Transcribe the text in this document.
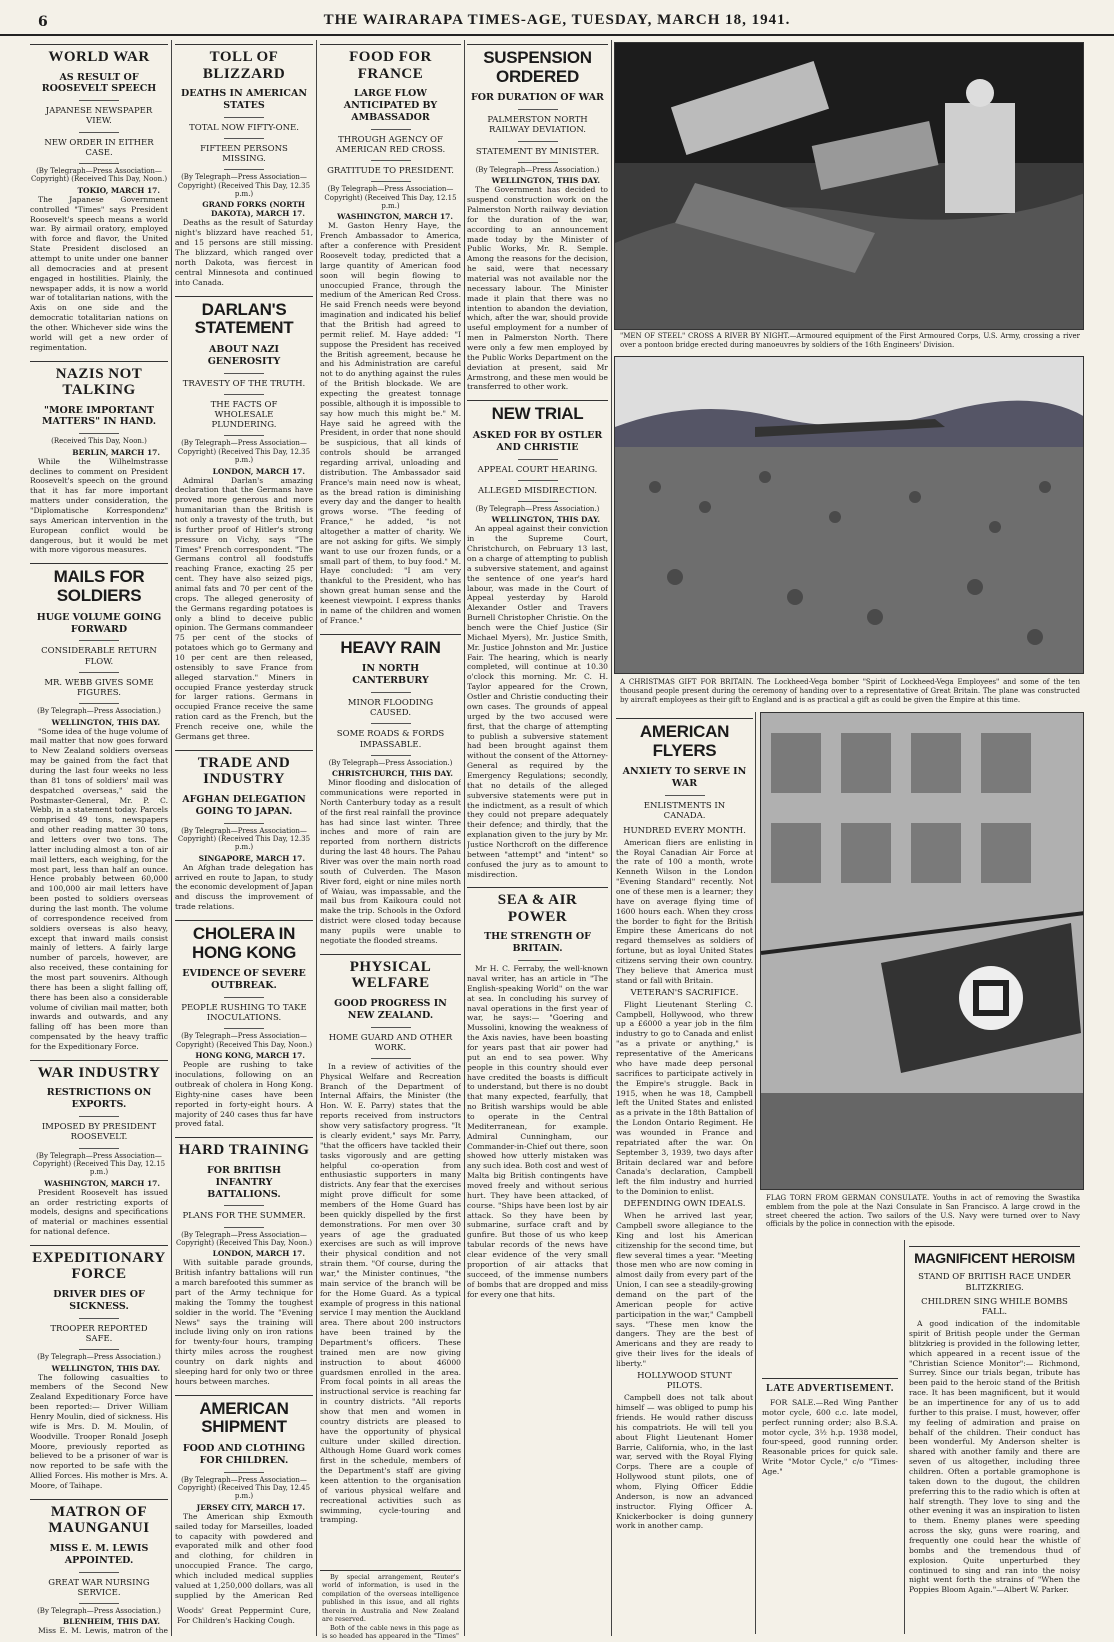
6	THE WAIRARAPA TIMES-AGE, TUESDAY, MARCH 18, 1941.
WORLD WAR
AS RESULT OF ROOSEVELT SPEECH
JAPANESE NEWSPAPER VIEW.
NEW ORDER IN EITHER CASE.
(By Telegraph—Press Association—Copyright) (Received This Day, Noon.)
TOKIO, MARCH 17.

The Japanese Government controlled "Times" says President Roosevelt's speech means a world war. By airmail oratory, employed with force and flavor, the United State President disclosed an attempt to unite under one banner all democracies and at present engaged in hostilities. Plainly, the newspaper adds, it is now a world war of totalitarian nations, with the Axis on one side and the democratic totalitarian nations on the other. Whichever side wins the world will get a new order of regimentation.

NAZIS NOT TALKING
"MORE IMPORTANT MATTERS" IN HAND.
(Received This Day, Noon.)
BERLIN, MARCH 17.

While the Wilhelmstrasse declines to comment on President Roosevelt's speech on the ground that it has far more important matters under consideration, the "Diplomatische Korrespondenz" says American intervention in the European conflict would be dangerous, but it would be met with more vigorous measures.

MAILS FOR SOLDIERS
HUGE VOLUME GOING FORWARD
CONSIDERABLE RETURN FLOW.
MR. WEBB GIVES SOME FIGURES.
(By Telegraph—Press Association.)
WELLINGTON, THIS DAY.

"Some idea of the huge volume of mail matter that now goes forward to New Zealand soldiers overseas may be gained from the fact that during the last four weeks no less than 81 tons of soldiers' mail was despatched overseas," said the Postmaster-General, Mr. P. C. Webb, in a statement today. Parcels comprised 49 tons, newspapers and other reading matter 30 tons, and letters over two tons. The latter including almost a ton of air mail letters, each weighing, for the most part, less than half an ounce. Hence probably between 60,000 and 100,000 air mail letters have been posted to soldiers overseas during the last month. The volume of correspondence received from soldiers overseas is also heavy, except that inward mails consist mainly of letters. A fairly large number of parcels, however, are also received, these containing for the most part souvenirs. Although there has been a slight falling off, there has been also a considerable volume of civilian mail matter, both inwards and outwards, and any falling off has been more than compensated by the heavy traffic for the Expeditionary Force.

WAR INDUSTRY
RESTRICTIONS ON EXPORTS.
IMPOSED BY PRESIDENT ROOSEVELT.
(By Telegraph—Press Association—Copyright) (Received This Day, 12.15 p.m.)
WASHINGTON, MARCH 17.

President Roosevelt has issued an order restricting exports of models, designs and specifications of material or machines essential for national defence.

EXPEDITIONARY FORCE
DRIVER DIES OF SICKNESS.
TROOPER REPORTED SAFE.
(By Telegraph—Press Association.)
WELLINGTON, THIS DAY.

The following casualties to members of the Second New Zealand Expeditionary Force have been reported:— Driver William Henry Moulin, died of sickness. His wife is Mrs. D. M. Moulin, of Woodville. Trooper Ronald Joseph Moore, previously reported as believed to be a prisoner of war is now reported to be safe with the Allied Forces. His mother is Mrs. A. Moore, of Taihape.

MATRON OF MAUNGANUI
MISS E. M. LEWIS APPOINTED.
GREAT WAR NURSING SERVICE.
(By Telegraph—Press Association.)
BLENHEIM, THIS DAY.

Miss E. M. Lewis, matron of the

TOLL OF BLIZZARD
DEATHS IN AMERICAN STATES
TOTAL NOW FIFTY-ONE.
FIFTEEN PERSONS MISSING.
(By Telegraph—Press Association—Copyright) (Received This Day, 12.35 p.m.)
GRAND FORKS (NORTH DAKOTA), MARCH 17.

Deaths as the result of Saturday night's blizzard have reached 51, and 15 persons are still missing. The blizzard, which ranged over north Dakota, was fiercest in central Minnesota and continued into Canada.

DARLAN'S STATEMENT
ABOUT NAZI GENEROSITY
TRAVESTY OF THE TRUTH.
THE FACTS OF WHOLESALE PLUNDERING.
(By Telegraph—Press Association—Copyright) (Received This Day, 12.35 p.m.)
LONDON, MARCH 17.

Admiral Darlan's amazing declaration that the Germans have proved more generous and more humanitarian than the British is not only a travesty of the truth, but is further proof of Hitler's strong pressure on Vichy, says "The Times" French correspondent. "The Germans control all foodstuffs reaching France, exacting 25 per cent. They have also seized pigs, animal fats and 70 per cent of the crops. The alleged generosity of the Germans regarding potatoes is only a blind to deceive public opinion. The Germans commandeer 75 per cent of the stocks of potatoes which go to Germany and 10 per cent are then released, ostensibly to save France from alleged starvation." Miners in occupied France yesterday struck for larger rations. Germans in occupied France receive the same ration card as the French, but the French receive one, while the Germans get three.

TRADE AND INDUSTRY
AFGHAN DELEGATION GOING TO JAPAN.
(By Telegraph—Press Association—Copyright) (Received This Day, 12.35 p.m.)
SINGAPORE, MARCH 17.

An Afghan trade delegation has arrived en route to Japan, to study the economic development of Japan and discuss the improvement of trade relations.

CHOLERA IN HONG KONG
EVIDENCE OF SEVERE OUTBREAK.
PEOPLE RUSHING TO TAKE INOCULATIONS.
(By Telegraph—Press Association—Copyright) (Received This Day, Noon.)
HONG KONG, MARCH 17.

People are rushing to take inoculations, following on an outbreak of cholera in Hong Kong. Eighty-nine cases have been reported in forty-eight hours. A majority of 240 cases thus far have proved fatal.

HARD TRAINING
FOR BRITISH INFANTRY BATTALIONS.
PLANS FOR THE SUMMER.
(By Telegraph—Press Association—Copyright) (Received This Day, Noon.)
LONDON, MARCH 17.

With suitable parade grounds, British infantry battalions will run a march barefooted this summer as part of the Army technique for making the Tommy the toughest soldier in the world. The "Evening News" says the training will include living only on iron rations for twenty-four hours, tramping thirty miles across the roughest country on dark nights and sleeping hard for only two or three hours between marches.

AMERICAN SHIPMENT
FOOD AND CLOTHING FOR CHILDREN.
(By Telegraph—Press Association—Copyright) (Received This Day, 12.45 p.m.)
JERSEY CITY, MARCH 17.

The American ship Exmouth sailed today for Marseilles, loaded to capacity with powdered and evaporated milk and other food and clothing, for children in unoccupied France. The cargo, which included medical supplies valued at 1,250,000 dollars, was all supplied by the American Red

FOOD FOR FRANCE
LARGE FLOW ANTICIPATED BY AMBASSADOR
THROUGH AGENCY OF AMERICAN RED CROSS.
GRATITUDE TO PRESIDENT.
(By Telegraph—Press Association—Copyright) (Received This Day, 12.15 p.m.)
WASHINGTON, MARCH 17.

M. Gaston Henry Haye, the French Ambassador to America, after a conference with President Roosevelt today, predicted that a large quantity of American food soon will begin flowing to unoccupied France, through the medium of the American Red Cross. He said French needs were beyond imagination and indicated his belief that the British had agreed to permit relief. M. Haye added: "I suppose the President has received the British agreement, because he and his Administration are careful not to do anything against the rules of the British blockade. We are expecting the greatest tonnage possible, although it is impossible to say how much this might be." M. Haye said he agreed with the President, in order that none should be suspicious, that all kinds of controls should be arranged regarding arrival, unloading and distribution. The Ambassador said France's main need now is wheat, as the bread ration is diminishing every day and the danger to health grows worse. "The feeding of France," he added, "is not altogether a matter of charity. We are not asking for gifts. We simply want to use our frozen funds, or a small part of them, to buy food." M. Haye concluded: "I am very thankful to the President, who has shown great human sense and the keenest viewpoint. I express thanks in name of the children and women of France."

HEAVY RAIN
IN NORTH CANTERBURY
MINOR FLOODING CAUSED.
SOME ROADS & FORDS IMPASSABLE.
(By Telegraph—Press Association.)
CHRISTCHURCH, THIS DAY.

Minor flooding and dislocation of communications were reported in North Canterbury today as a result of the first real rainfall the province has had since last winter. Three inches and more of rain are reported from northern districts during the last 48 hours. The Pahau River was over the main north road south of Culverden. The Mason River ford, eight or nine miles north of Waiau, was impassable, and the mail bus from Kaikoura could not make the trip. Schools in the Oxford district were closed today because many pupils were unable to negotiate the flooded streams.

PHYSICAL WELFARE
GOOD PROGRESS IN NEW ZEALAND.
HOME GUARD AND OTHER WORK.

In a review of activities of the Physical Welfare and Recreation Branch of the Department of Internal Affairs, the Minister (the Hon. W. E. Parry) states that the reports received from instructors show very satisfactory progress. "It is clearly evident," says Mr. Parry, "that the officers have tackled their tasks vigorously and are getting helpful co-operation from enthusiastic supporters in many districts. Any fear that the exercises might prove difficult for some members of the Home Guard has been quickly dispelled by the first demonstrations. For men over 30 years of age the graduated exercises are such as will improve their physical condition and not strain them. "Of course, during the war," the Minister continues, "the main service of the branch will be for the Home Guard. As a typical example of progress in this national service I may mention the Auckland area. There about 200 instructors have been trained by the Department's officers. These trained men are now giving instruction to about 46000 guardsmen enrolled in the area. From focal points in all areas the instructional service is reaching far in country districts. "All reports show that men and women in country districts are pleased to have the opportunity of physical culture under skilled direction. Although Home Guard work comes first in the schedule, members of the Department's staff are giving keen attention to the organisation of various physical welfare and recreational activities such as swimming, cycle-touring and tramping.

SUSPENSION ORDERED
FOR DURATION OF WAR
PALMERSTON NORTH RAILWAY DEVIATION.
STATEMENT BY MINISTER.
(By Telegraph—Press Association.)
WELLINGTON, THIS DAY.

The Government has decided to suspend construction work on the Palmerston North railway deviation for the duration of the war, according to an announcement made today by the Minister of Public Works, Mr. R. Semple. Among the reasons for the decision, he said, were that necessary material was not available nor the necessary labour. The Minister made it plain that there was no intention to abandon the deviation, which, after the war, should provide useful employment for a number of men in Palmerston North. There were only a few men employed by the Public Works Department on the deviation at present, said Mr Armstrong, and these men would be transferred to other work.

NEW TRIAL
ASKED FOR BY OSTLER AND CHRISTIE
APPEAL COURT HEARING.
ALLEGED MISDIRECTION.
(By Telegraph—Press Association.)
WELLINGTON, THIS DAY.

An appeal against their conviction in the Supreme Court, Christchurch, on February 13 last, on a charge of attempting to publish a subversive statement, and against the sentence of one year's hard labour, was made in the Court of Appeal yesterday by Harold Alexander Ostler and Travers Burnell Christopher Christie. On the bench were the Chief Justice (Sir Michael Myers), Mr. Justice Smith, Mr. Justice Johnston and Mr. Justice Fair. The hearing, which is nearly completed, will continue at 10.30 o'clock this morning. Mr. C. H. Taylor appeared for the Crown, Ostler and Christie conducting their own cases. The grounds of appeal urged by the two accused were first, that the charge of attempting to publish a subversive statement had been brought against them without the consent of the Attorney-General as required by the Emergency Regulations; secondly, that no details of the alleged subversive statements were put in the indictment, as a result of which they could not prepare adequately their defence; and thirdly, that the explanation given to the jury by Mr. Justice Northcroft on the difference between "attempt" and "intent" so confused the jury as to amount to misdirection.

SEA & AIR POWER
THE STRENGTH OF BRITAIN.

Mr H. C. Ferraby, the well-known naval writer, has an article in "The English-speaking World" on the war at sea. In concluding his survey of naval operations in the first year of war, he says:— "Goering and Mussolini, knowing the weakness of the Axis navies, have been boasting for years past that air power had put an end to sea power. Why people in this country should ever have credited the boasts is difficult to understand, but there is no doubt that many expected, fearfully, that no British warships would be able to operate in the Central Mediterranean, for example. Admiral Cunningham, our Commander-in-Chief out there, soon showed how utterly mistaken was any such idea. Both cost and west of Malta big British contingents have moved freely and without serious hurt. They have been attacked, of course. "Ships have been lost by air attack. So they have been by submarine, surface craft and by gunfire. But those of us who keep tabular records of the news have clear evidence of the very small proportion of air attacks that succeed, of the immense numbers of bombs that are dropped and miss for every one that hits.

"MEN OF STEEL" CROSS A RIVER BY NIGHT.—Armoured equipment of the First Armoured Corps, U.S. Army, crossing a river over a pontoon bridge erected during manoeuvres by soldiers of the 16th Engineers' Division.
A CHRISTMAS GIFT FOR BRITAIN. The Lockheed-Vega bomber "Spirit of Lockheed-Vega Employees" and some of the ten thousand people present during the ceremony of handing over to a representative of Great Britain. The plane was constructed by aircraft employees as their gift to England and is as practical a gift as could be given the Empire at this time.
AMERICAN FLYERS
ANXIETY TO SERVE IN WAR
ENLISTMENTS IN CANADA.
HUNDRED EVERY MONTH.

American fliers are enlisting in the Royal Canadian Air Force at the rate of 100 a month, wrote Kenneth Wilson in the London "Evening Standard" recently. Not one of these men is a learner; they have on average flying time of 1600 hours each. When they cross the border to fight for the British Empire these Americans do not regard themselves as soldiers of fortune, but as loyal United States citizens serving their own country. They believe that America must stand or fall with Britain.

VETERAN'S SACRIFICE.

Flight Lieutenant Sterling C. Campbell, Hollywood, who threw up a £6000 a year job in the film industry to go to Canada and enlist "as a private or anything," is representative of the Americans who have made deep personal sacrifices to participate actively in the Empire's struggle. Back in 1915, when he was 18, Campbell left the United States and enlisted as a private in the 18th Battalion of the London Ontario Regiment. He was wounded in France and repatriated after the war. On September 3, 1939, two days after Britain declared war and before Canada's declaration, Campbell left the film industry and hurried to the Dominion to enlist.

DEFENDING OWN IDEALS.

When he arrived last year, Campbell swore allegiance to the King and lost his American citizenship for the second time, but flew several times a year. "Meeting those men who are now coming in almost daily from every part of the Union, I can see a steadily-growing demand on the part of the American people for active participation in the war," Campbell says. "These men know the dangers. They are the best of Americans and they are ready to give their lives for the ideals of liberty."

HOLLYWOOD STUNT PILOTS.

Campbell does not talk about himself — was obliged to pump his friends. He would rather discuss his compatriots. He will tell you about Flight Lieutenant Homer Barrie, California, who, in the last war, served with the Royal Flying Corps. There are a couple of Hollywood stunt pilots, one of whom, Flying Officer Eddie Anderson, is now an advanced instructor. Flying Officer A. Knickerbocker is doing gunnery work in another camp.

FLAG TORN FROM GERMAN CONSULATE. Youths in act of removing the Swastika emblem from the pole at the Nazi Consulate in San Francisco. A large crowd in the street cheered the action. Two sailors of the U.S. Navy were turned over to Navy officials by the police in connection with the episode.
LATE ADVERTISEMENT.

FOR SALE.—Red Wing Panther motor cycle, 600 c.c. late model, perfect running order; also B.S.A. motor cycle, 3½ h.p. 1938 model, four-speed, good running order. Reasonable prices for quick sale. Write "Motor Cycle," c/o "Times-Age."

MAGNIFICENT HEROISM
STAND OF BRITISH RACE UNDER BLITZKRIEG.
CHILDREN SING WHILE BOMBS FALL.

A good indication of the indomitable spirit of British people under the German blitzkrieg is provided in the following letter, which appeared in a recent issue of the "Christian Science Monitor":— Richmond, Surrey. Since our trials began, tribute has been paid to the heroic stand of the British race. It has been magnificent, but it would be an impertinence for any of us to add further to this praise. I must, however, offer my feeling of admiration and praise on behalf of the children. Their conduct has been wonderful. My Anderson shelter is shared with another family and there are seven of us altogether, including three children. Often a portable gramophone is taken down to the dugout, the children preferring this to the radio which is often at half strength. They love to sing and the other evening it was an inspiration to listen to them. Enemy planes were speeding across the sky, guns were roaring, and frequently one could hear the whistle of bombs and the tremendous thud of explosion. Quite unperturbed they continued to sing and ran into the noisy night went forth the strains of "When the Poppies Bloom Again."—Albert W. Parker.

By special arrangement, Reuter's world of information, is used in the compilation of the overseas intelligence published in this issue, and all rights therein in Australia and New Zealand are reserved.

Both of the cable news in this page as is so headed has appeared in the "Times"

Woods' Great Peppermint Cure, For Children's Hacking Cough.
